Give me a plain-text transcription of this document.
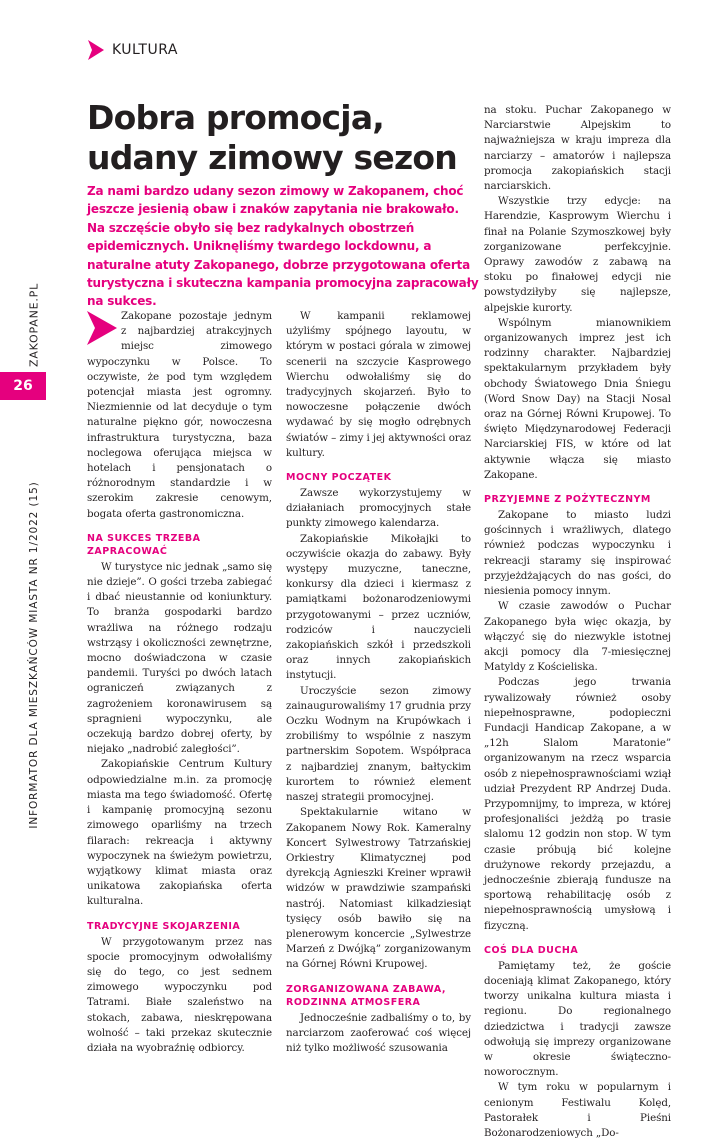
KULTURA
ZAKOPANE.PL
26
INFORMATOR DLA MIESZKAŃCÓW MIASTA NR 1/2022 (15)
Dobra promocja,
udany zimowy sezon

Za nami bardzo udany sezon zimowy w Zakopanem, choć jeszcze jesienią obaw i znaków zapytania nie brakowało. Na szczęście obyło się bez radykalnych obostrzeń epidemicznych. Uniknęliśmy twardego lockdownu, a naturalne atuty Zakopanego, dobrze przygotowana oferta turystyczna i skuteczna kampania promocyjna zapracowały na sukces.

Zakopane pozostaje jednym z najbardziej atrakcyjnych miejsc zimowego wypoczynku w Polsce. To oczywiste, że pod tym względem potencjał miasta jest ogromny. Niezmiennie od lat decyduje o tym naturalne piękno gór, nowoczesna infrastruktura turystyczna, baza noclegowa oferująca miejsca w hotelach i pensjonatach o różnorodnym standardzie i w szerokim zakresie cenowym, bogata oferta gastronomiczna.

NA SUKCES TRZEBA ZAPRACOWAĆ

W turystyce nic jednak „samo się nie dzieje”. O gości trzeba zabiegać i dbać nieustannie od koniunktury. To branża gospodarki bardzo wrażliwa na różnego rodzaju wstrząsy i okoliczności zewnętrzne, mocno doświadczona w czasie pandemii. Turyści po dwóch latach ograniczeń związanych z zagrożeniem koronawirusem są spragnieni wypoczynku, ale oczekują bardzo dobrej oferty, by niejako „nadrobić zaległości”.

Zakopiańskie Centrum Kultury odpowiedzialne m.in. za promocję miasta ma tego świadomość. Ofertę i kampanię promocyjną sezonu zimowego oparliśmy na trzech filarach: rekreacja i aktywny wypoczynek na świeżym powietrzu, wyjątkowy klimat miasta oraz unikatowa zakopiańska oferta kulturalna.

TRADYCYJNE SKOJARZENIA

W przygotowanym przez nas spocie promocyjnym odwołaliśmy się do tego, co jest sednem zimowego wypoczynku pod Tatrami. Białe szaleństwo na stokach, zabawa, nieskrępowana wolność – taki przekaz skutecznie działa na wyobraźnię odbiorcy.

W kampanii reklamowej użyliśmy spójnego layoutu, w którym w postaci górala w zimowej scenerii na szczycie Kasprowego Wierchu odwołaliśmy się do tradycyjnych skojarzeń. Było to nowoczesne połączenie dwóch wydawać by się mogło odrębnych światów – zimy i jej aktywności oraz kultury.

MOCNY POCZĄTEK

Zawsze wykorzystujemy w działaniach promocyjnych stałe punkty zimowego kalendarza.

Zakopiańskie Mikołajki to oczywiście okazja do zabawy. Były występy muzyczne, taneczne, konkursy dla dzieci i kiermasz z pamiątkami bożonarodzeniowymi przygotowanymi – przez uczniów, rodziców i nauczycieli zakopiańskich szkół i przedszkoli oraz innych zakopiańskich instytucji.

Uroczyście sezon zimowy zainaugurowaliśmy 17 grudnia przy Oczku Wodnym na Krupówkach i zrobiliśmy to wspólnie z naszym partnerskim Sopotem. Współpraca z najbardziej znanym, bałtyckim kurortem to również element naszej strategii promocyjnej.

Spektakularnie witano w Zakopanem Nowy Rok. Kameralny Koncert Sylwestrowy Tatrzańskiej Orkiestry Klimatycznej pod dyrekcją Agnieszki Kreiner wprawił widzów w prawdziwie szampański nastrój. Natomiast kilkadziesiąt tysięcy osób bawiło się na plenerowym koncercie „Sylwestrze Marzeń z Dwójką” zorganizowanym na Górnej Równi Krupowej.

ZORGANIZOWANA ZABAWA, RODZINNA ATMOSFERA

Jednocześnie zadbaliśmy o to, by narciarzom zaoferować coś więcej niż tylko możliwość szusowania

na stoku. Puchar Zakopanego w Narciarstwie Alpejskim to najważniejsza w kraju impreza dla narciarzy – amatorów i najlepsza promocja zakopiańskich stacji narciarskich.

Wszystkie trzy edycje: na Harendzie, Kasprowym Wierchu i finał na Polanie Szymoszkowej były zorganizowane perfekcyjnie. Oprawy zawodów z zabawą na stoku po finałowej edycji nie powstydziłyby się najlepsze, alpejskie kurorty.

Wspólnym mianownikiem organizowanych imprez jest ich rodzinny charakter. Najbardziej spektakularnym przykładem były obchody Światowego Dnia Śniegu (Word Snow Day) na Stacji Nosal oraz na Górnej Równi Krupowej. To święto Międzynarodowej Federacji Narciarskiej FIS, w które od lat aktywnie włącza się miasto Zakopane.

PRZYJEMNE Z POŻYTECZNYM

Zakopane to miasto ludzi gościnnych i wrażliwych, dlatego również podczas wypoczynku i rekreacji staramy się inspirować przyjeżdżających do nas gości, do niesienia pomocy innym.

W czasie zawodów o Puchar Zakopanego była więc okazja, by włączyć się do niezwykle istotnej akcji pomocy dla 7-miesięcznej Matyldy z Kościeliska.

Podczas jego trwania rywalizowały również osoby niepełnosprawne, podopieczni Fundacji Handicap Zakopane, a w „12h Slalom Maratonie” organizowanym na rzecz wsparcia osób z niepełnosprawnościami wziął udział Prezydent RP Andrzej Duda. Przypomnijmy, to impreza, w której profesjonaliści jeżdżą po trasie slalomu 12 godzin non stop. W tym czasie próbują bić kolejne drużynowe rekordy przejazdu, a jednocześnie zbierają fundusze na sportową rehabilitację osób z niepełnosprawnością umysłową i fizyczną.

COŚ DLA DUCHA

Pamiętamy też, że goście doceniają klimat Zakopanego, który tworzy unikalna kultura miasta i regionu. Do regionalnego dziedzictwa i tradycji zawsze odwołują się imprezy organizowane w okresie świąteczno-noworocznym.

W tym roku w popularnym i cenionym Festiwalu Kolęd, Pastorałek i Pieśni Bożonarodzeniowych „Do-
